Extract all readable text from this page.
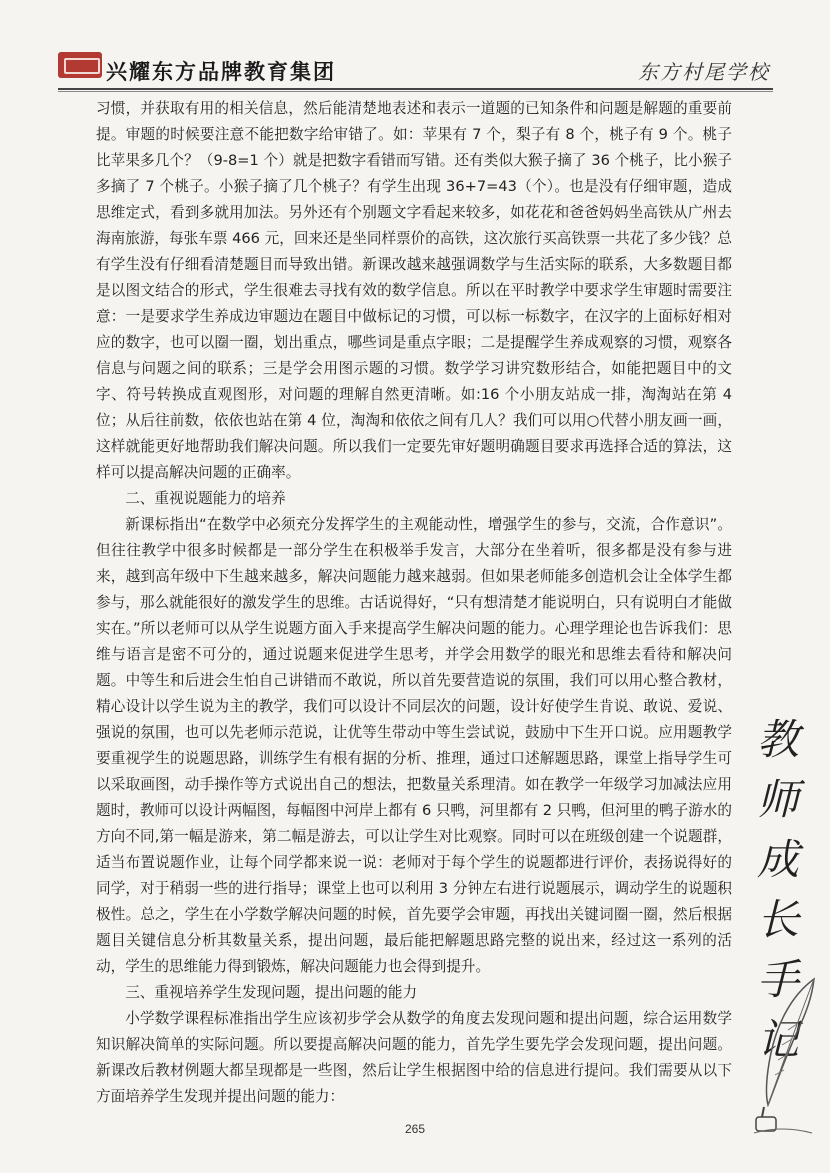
兴耀东方品牌教育集团	东方村尾学校

习惯，并获取有用的相关信息，然后能清楚地表述和表示一道题的已知条件和问题是解题的重要前提。审题的时候要注意不能把数字给审错了。如：苹果有 7 个，梨子有 8 个，桃子有 9 个。桃子比苹果多几个？（9-8=1 个）就是把数字看错而写错。还有类似大猴子摘了 36 个桃子，比小猴子多摘了 7 个桃子。小猴子摘了几个桃子？有学生出现 36+7=43（个）。也是没有仔细审题，造成思维定式，看到多就用加法。另外还有个别题文字看起来较多，如花花和爸爸妈妈坐高铁从广州去海南旅游，每张车票 466 元，回来还是坐同样票价的高铁，这次旅行买高铁票一共花了多少钱？总有学生没有仔细看清楚题目而导致出错。新课改越来越强调数学与生活实际的联系，大多数题目都是以图文结合的形式，学生很难去寻找有效的数学信息。所以在平时教学中要求学生审题时需要注意：一是要求学生养成边审题边在题目中做标记的习惯，可以标一标数字，在汉字的上面标好相对应的数字，也可以圈一圈，划出重点，哪些词是重点字眼；二是提醒学生养成观察的习惯，观察各信息与问题之间的联系；三是学会用图示题的习惯。数学学习讲究数形结合，如能把题目中的文字、符号转换成直观图形，对问题的理解自然更清晰。如:16 个小朋友站成一排，淘淘站在第 4 位；从后往前数，依依也站在第 4 位，淘淘和依依之间有几人？我们可以用○代替小朋友画一画，这样就能更好地帮助我们解决问题。所以我们一定要先审好题明确题目要求再选择合适的算法，这样可以提高解决问题的正确率。

二、重视说题能力的培养

新课标指出“在数学中必须充分发挥学生的主观能动性，增强学生的参与，交流，合作意识”。但往往教学中很多时候都是一部分学生在积极举手发言，大部分在坐着听，很多都是没有参与进来，越到高年级中下生越来越多，解决问题能力越来越弱。但如果老师能多创造机会让全体学生都参与，那么就能很好的激发学生的思维。古话说得好，“只有想清楚才能说明白，只有说明白才能做实在。”所以老师可以从学生说题方面入手来提高学生解决问题的能力。心理学理论也告诉我们：思维与语言是密不可分的，通过说题来促进学生思考，并学会用数学的眼光和思维去看待和解决问题。中等生和后进会生怕自己讲错而不敢说，所以首先要营造说的氛围，我们可以用心整合教材，精心设计以学生说为主的教学，我们可以设计不同层次的问题，设计好使学生肯说、敢说、爱说、强说的氛围，也可以先老师示范说，让优等生带动中等生尝试说，鼓励中下生开口说。应用题教学要重视学生的说题思路，训练学生有根有据的分析、推理，通过口述解题思路，课堂上指导学生可以采取画图，动手操作等方式说出自己的想法，把数量关系理清。如在教学一年级学习加减法应用题时，教师可以设计两幅图，每幅图中河岸上都有 6 只鸭，河里都有 2 只鸭，但河里的鸭子游水的方向不同,第一幅是游来，第二幅是游去，可以让学生对比观察。同时可以在班级创建一个说题群，适当布置说题作业，让每个同学都来说一说：老师对于每个学生的说题都进行评价，表扬说得好的同学，对于稍弱一些的进行指导；课堂上也可以利用 3 分钟左右进行说题展示，调动学生的说题积极性。总之，学生在小学数学解决问题的时候，首先要学会审题，再找出关键词圈一圈，然后根据题目关键信息分析其数量关系，提出问题，最后能把解题思路完整的说出来，经过这一系列的活动，学生的思维能力得到锻炼，解决问题能力也会得到提升。

三、重视培养学生发现问题，提出问题的能力

小学数学课程标准指出学生应该初步学会从数学的角度去发现问题和提出问题，综合运用数学知识解决简单的实际问题。所以要提高解决问题的能力，首先学生要先学会发现问题，提出问题。新课改后教材例题大都呈现都是一些图，然后让学生根据图中给的信息进行提问。我们需要从以下方面培养学生发现并提出问题的能力：

教
师
成
长
手
记
265
